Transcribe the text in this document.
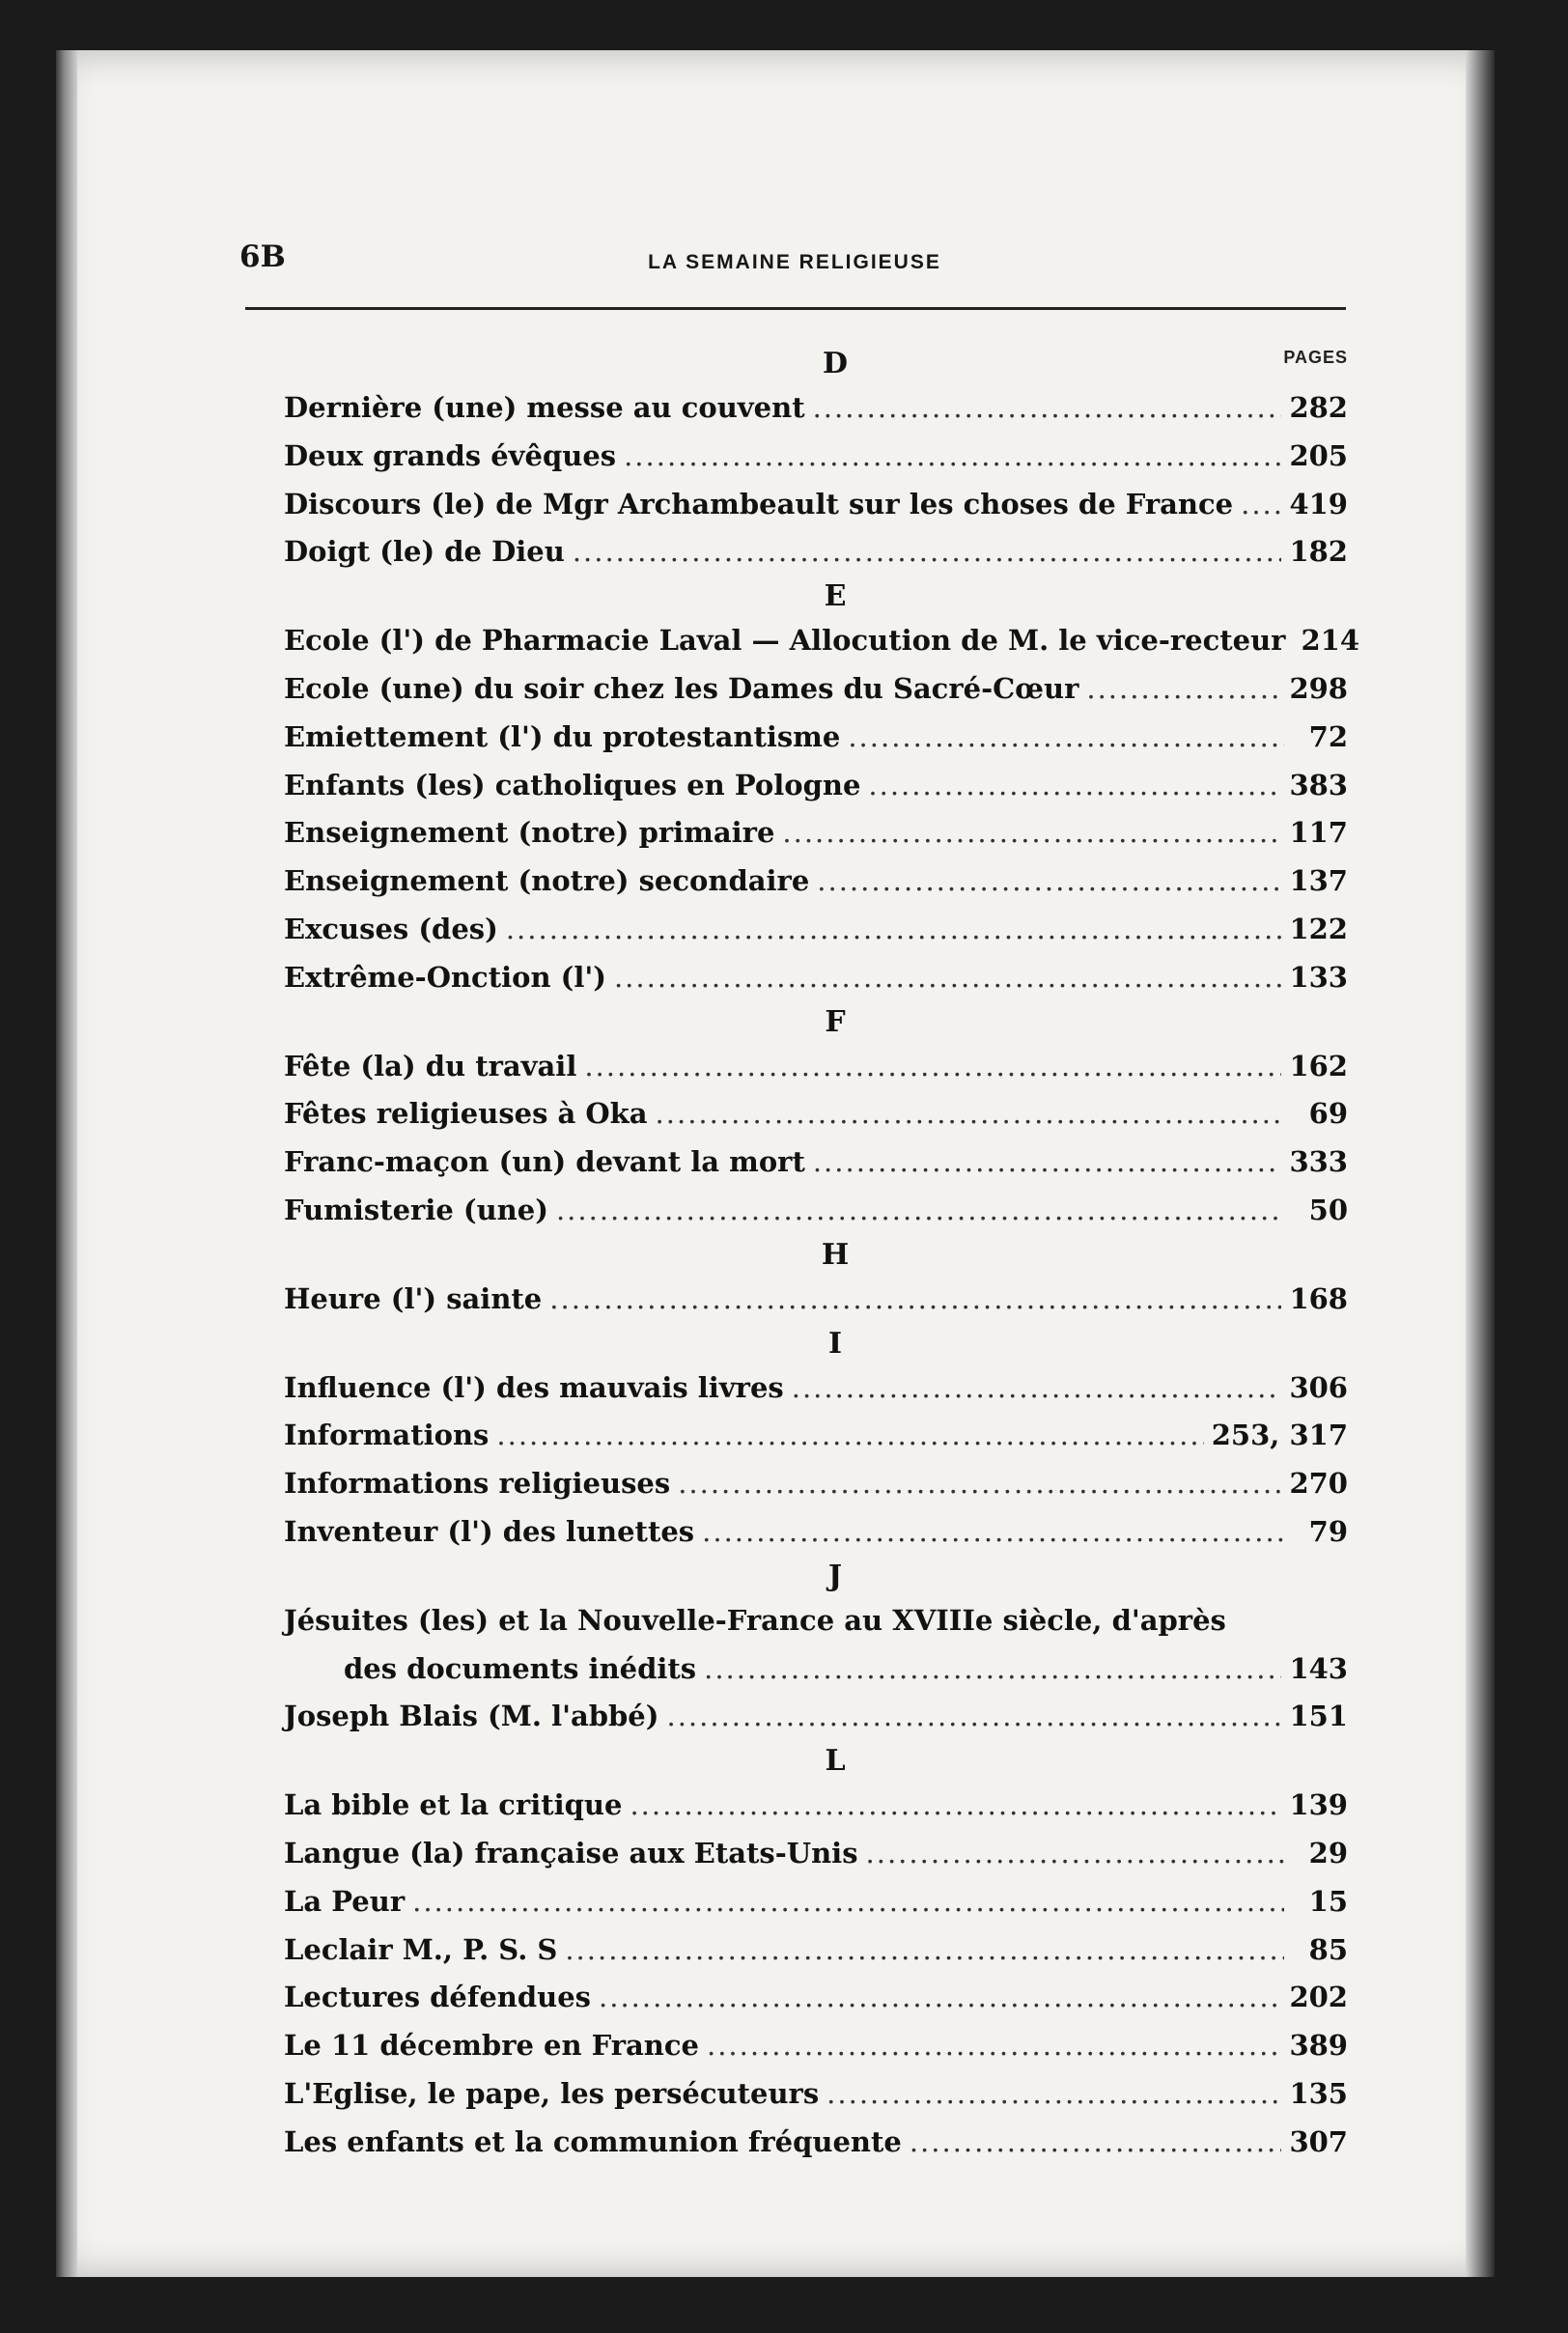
6B	LA SEMAINE RELIGIEUSE
PAGES
D
Dernière (une) messe au couvent .....	282
Deux grands évêques .....	205
Discours (le) de Mgr Archambeault sur les choses de France ..... 419
Doigt (le) de Dieu .....	182
E
Ecole (l') de Pharmacie Laval — Allocution de M. le vice-recteur 214
Ecole (une) du soir chez les Dames du Sacré-Cœur .....	298
Emiettement (l') du protestantisme .....	72
Enfants (les) catholiques en Pologne .....	383
Enseignement (notre) primaire .....	117
Enseignement (notre) secondaire .....	137
Excuses (des) .....	122
Extrême-Onction (l') .....	133
F
Fête (la) du travail .....	162
Fêtes religieuses à Oka .....	69
Franc-maçon (un) devant la mort .....	333
Fumisterie (une) .....	50
H
Heure (l') sainte .....	168
I
Influence (l') des mauvais livres .....	306
Informations .....	253, 317
Informations religieuses .....	270
Inventeur (l') des lunettes .....	79
J
Jésuites (les) et la Nouvelle-France au XVIIIe siècle, d'après
des documents inédits .....	143
Joseph Blais (M. l'abbé) .....	151
L
La bible et la critique .....	139
Langue (la) française aux Etats-Unis .....	29
La Peur .....	15
Leclair M., P. S. S .....	85
Lectures défendues .....	202
Le 11 décembre en France .....	389
L'Eglise, le pape, les persécuteurs .....	135
Les enfants et la communion fréquente .....	307
